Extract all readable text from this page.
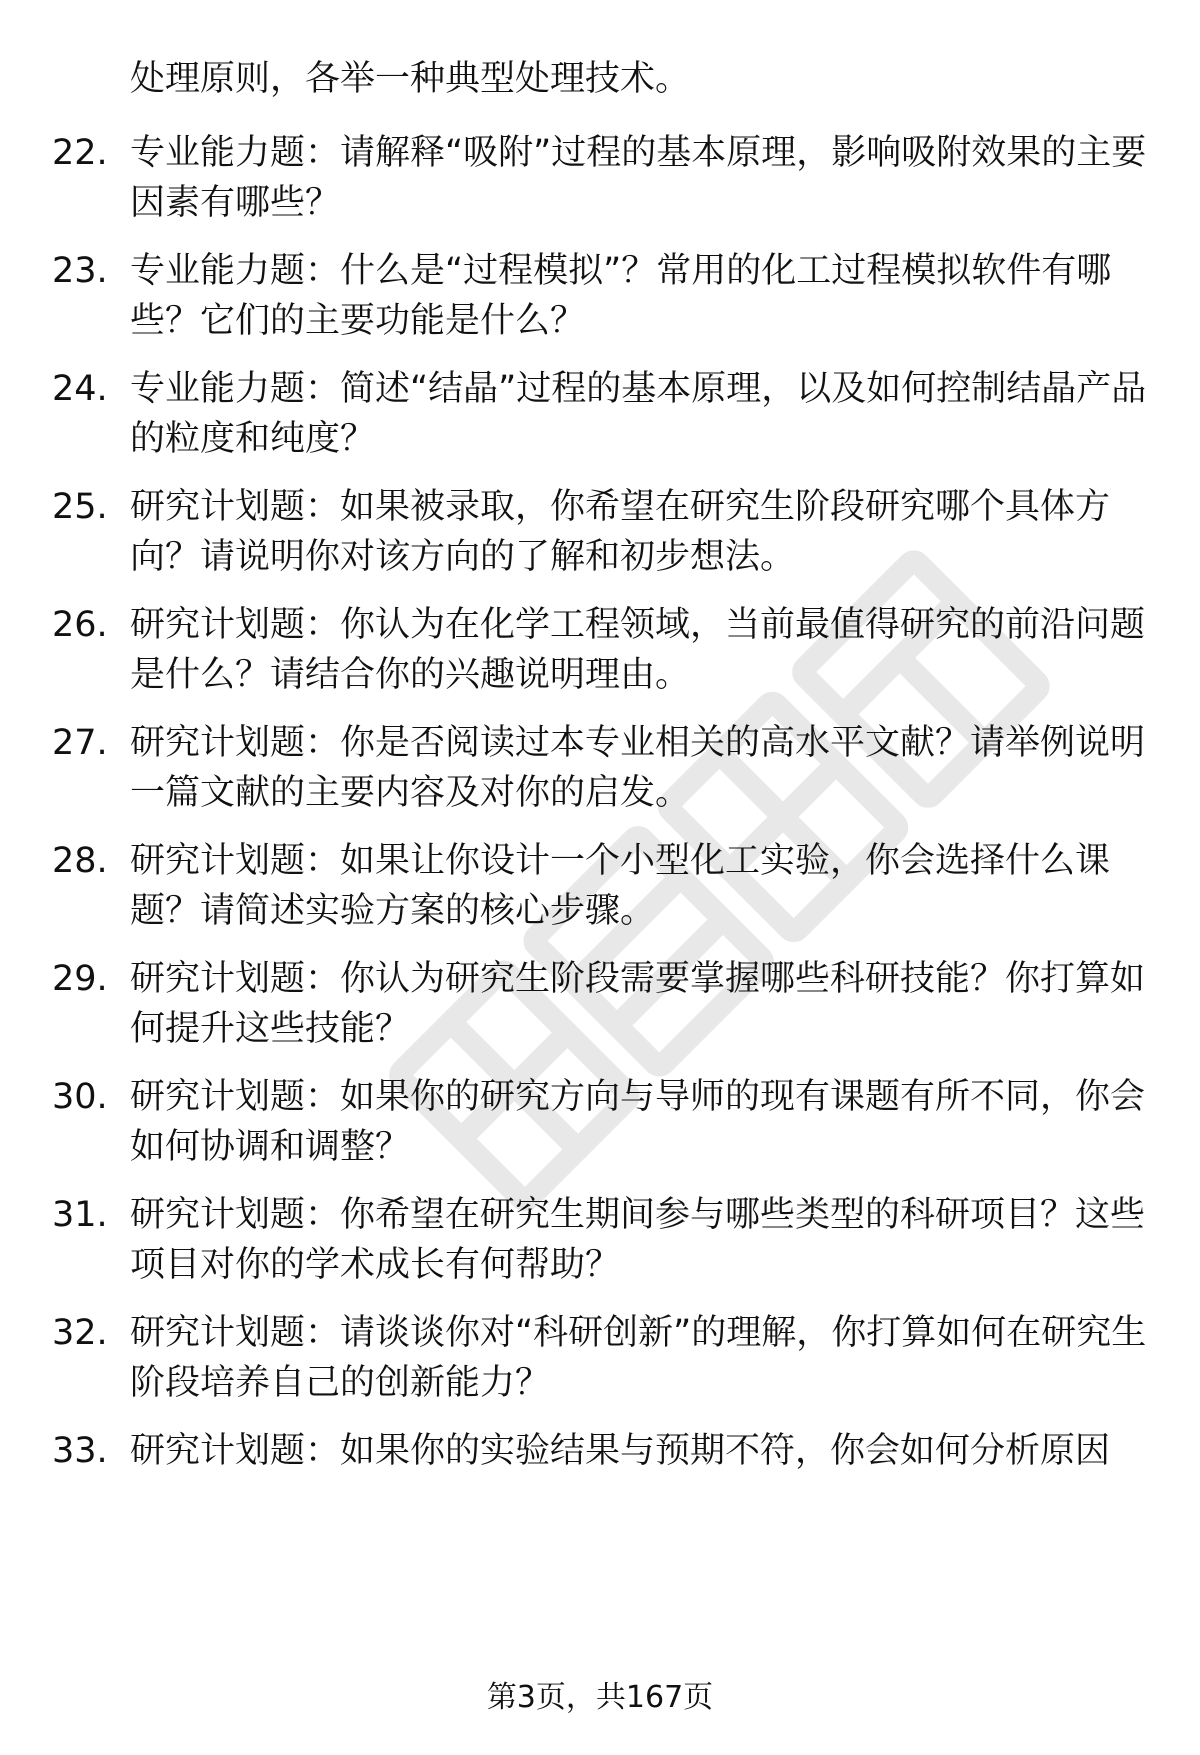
处理原则，各举一种典型处理技术。
22. 专业能力题：请解释“吸附”过程的基本原理，影响吸附效果的主要因素有哪些？
23. 专业能力题：什么是“过程模拟”？常用的化工过程模拟软件有哪些？它们的主要功能是什么？
24. 专业能力题：简述“结晶”过程的基本原理，以及如何控制结晶产品的粒度和纯度？
25. 研究计划题：如果被录取，你希望在研究生阶段研究哪个具体方向？请说明你对该方向的了解和初步想法。
26. 研究计划题：你认为在化学工程领域，当前最值得研究的前沿问题是什么？请结合你的兴趣说明理由。
27. 研究计划题：你是否阅读过本专业相关的高水平文献？请举例说明一篇文献的主要内容及对你的启发。
28. 研究计划题：如果让你设计一个小型化工实验，你会选择什么课题？请简述实验方案的核心步骤。
29. 研究计划题：你认为研究生阶段需要掌握哪些科研技能？你打算如何提升这些技能？
30. 研究计划题：如果你的研究方向与导师的现有课题有所不同，你会如何协调和调整？
31. 研究计划题：你希望在研究生期间参与哪些类型的科研项目？这些项目对你的学术成长有何帮助？
32. 研究计划题：请谈谈你对“科研创新”的理解，你打算如何在研究生阶段培养自己的创新能力？
33. 研究计划题：如果你的实验结果与预期不符，你会如何分析原因
第3页，共167页
